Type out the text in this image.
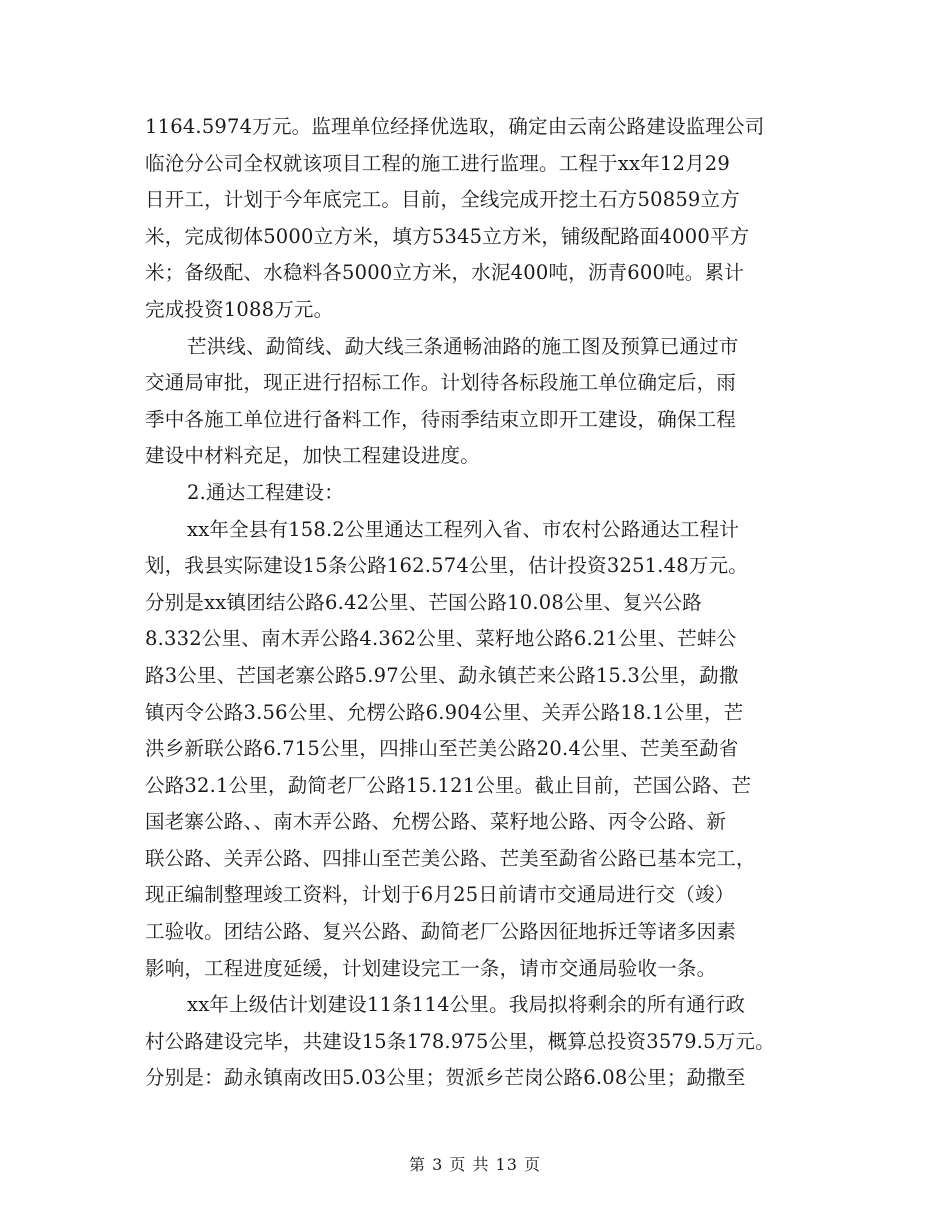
1164.5974万元。监理单位经择优选取，确定由云南公路建设监理公司
临沧分公司全权就该项目工程的施工进行监理。工程于xx年12月29
日开工，计划于今年底完工。目前，全线完成开挖土石方50859立方
米，完成彻体5000立方米，填方5345立方米，铺级配路面4000平方
米；备级配、水稳料各5000立方米，水泥400吨，沥青600吨。累计
完成投资1088万元。
芒洪线、勐简线、勐大线三条通畅油路的施工图及预算已通过市
交通局审批，现正进行招标工作。计划待各标段施工单位确定后，雨
季中各施工单位进行备料工作，待雨季结束立即开工建设，确保工程
建设中材料充足，加快工程建设进度。
2.通达工程建设：
xx年全县有158.2公里通达工程列入省、市农村公路通达工程计
划，我县实际建设15条公路162.574公里，估计投资3251.48万元。
分别是xx镇团结公路6.42公里、芒国公路10.08公里、复兴公路
8.332公里、南木弄公路4.362公里、菜籽地公路6.21公里、芒蚌公
路3公里、芒国老寨公路5.97公里、勐永镇芒来公路15.3公里，勐撒
镇丙令公路3.56公里、允楞公路6.904公里、关弄公路18.1公里，芒
洪乡新联公路6.715公里，四排山至芒美公路20.4公里、芒美至勐省
公路32.1公里，勐简老厂公路15.121公里。截止目前，芒国公路、芒
国老寨公路、、南木弄公路、允楞公路、菜籽地公路、丙令公路、新
联公路、关弄公路、四排山至芒美公路、芒美至勐省公路已基本完工，
现正编制整理竣工资料，计划于6月25日前请市交通局进行交（竣）
工验收。团结公路、复兴公路、勐简老厂公路因征地拆迁等诸多因素
影响，工程进度延缓，计划建设完工一条，请市交通局验收一条。
xx年上级估计划建设11条114公里。我局拟将剩余的所有通行政
村公路建设完毕，共建设15条178.975公里，概算总投资3579.5万元。
分别是：勐永镇南改田5.03公里；贺派乡芒岗公路6.08公里；勐撒至
第 3 页 共 13 页
